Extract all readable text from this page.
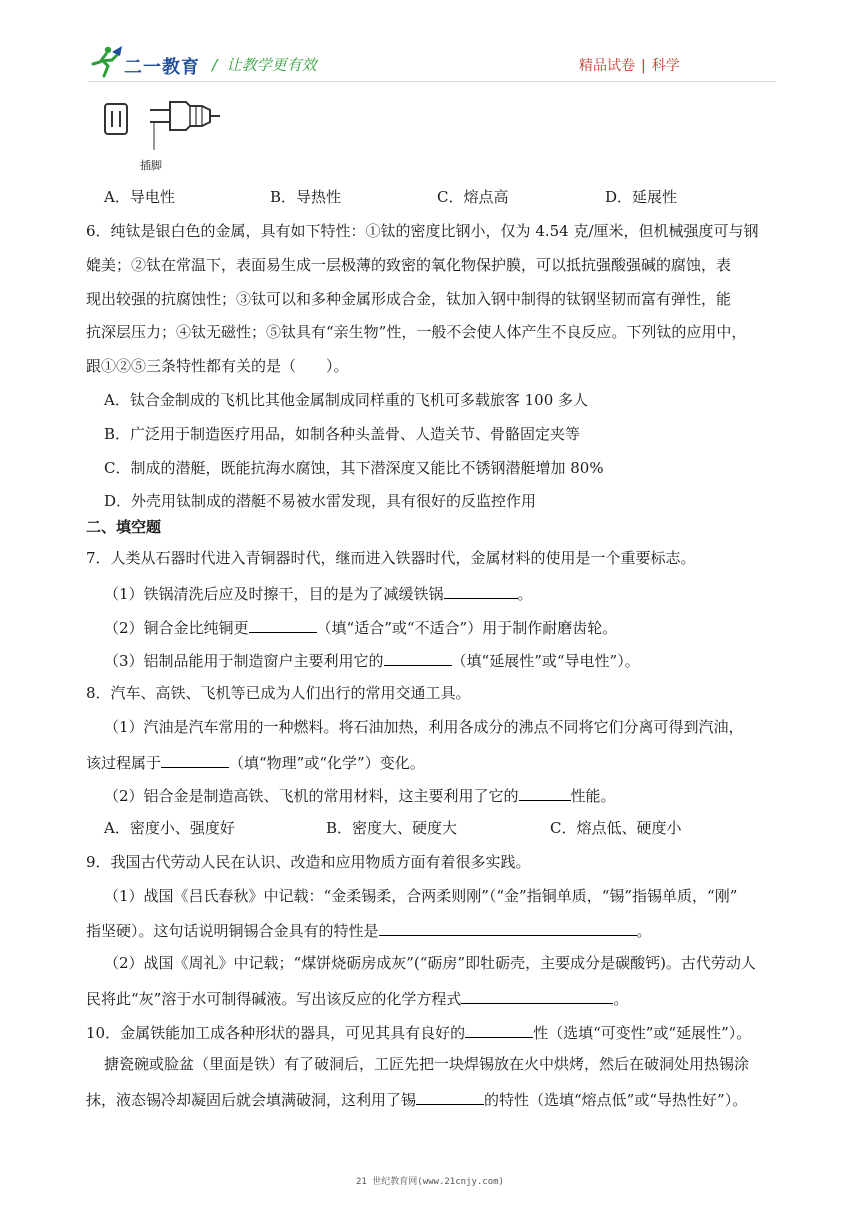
二一教育 /  让教学更有效	精品试卷 | 科学
插脚
A．导电性	B．导热性	C．熔点高	D．延展性
6．纯钛是银白色的金属，具有如下特性：①钛的密度比钢小，仅为 4.54 克/厘米，但机械强度可与钢
媲美；②钛在常温下，表面易生成一层极薄的致密的氧化物保护膜，可以抵抗强酸强碱的腐蚀，表
现出较强的抗腐蚀性；③钛可以和多种金属形成合金，钛加入钢中制得的钛钢坚韧而富有弹性，能
抗深层压力；④钛无磁性；⑤钛具有“亲生物”性，一般不会使人体产生不良反应。下列钛的应用中，
跟①②⑤三条特性都有关的是（　　）。
A．钛合金制成的飞机比其他金属制成同样重的飞机可多载旅客 100 多人
B．广泛用于制造医疗用品，如制各种头盖骨、人造关节、骨骼固定夹等
C．制成的潜艇，既能抗海水腐蚀，其下潜深度又能比不锈钢潜艇增加 80%
D．外壳用钛制成的潜艇不易被水雷发现，具有很好的反监控作用
二、填空题
7．人类从石器时代进入青铜器时代，继而进入铁器时代，金属材料的使用是一个重要标志。
（1）铁锅清洗后应及时擦干，目的是为了减缓铁锅	。
（2）铜合金比纯铜更	（填“适合”或“不适合”）用于制作耐磨齿轮。
（3）铝制品能用于制造窗户主要利用它的	（填“延展性”或“导电性”）。
8．汽车、高铁、飞机等已成为人们出行的常用交通工具。
（1）汽油是汽车常用的一种燃料。将石油加热，利用各成分的沸点不同将它们分离可得到汽油，
该过程属于	（填“物理”或“化学”）变化。
（2）铝合金是制造高铁、飞机的常用材料，这主要利用了它的	性能。
A．密度小、强度好	B．密度大、硬度大	C．熔点低、硬度小
9．我国古代劳动人民在认识、改造和应用物质方面有着很多实践。
（1）战国《吕氏春秋》中记载：“金柔锡柔，合两柔则刚”（“金”指铜单质，“锡”指锡单质，“刚”
指坚硬）。这句话说明铜锡合金具有的特性是	。
（2）战国《周礼》中记载；“煤饼烧砺房成灰”(“砺房”即牡砺壳，主要成分是碳酸钙)。古代劳动人
民将此“灰”溶于水可制得碱液。写出该反应的化学方程式	。
10．金属铁能加工成各种形状的器具，可见其具有良好的	性（选填“可变性”或“延展性”）。
搪瓷碗或脸盆（里面是铁）有了破洞后，工匠先把一块焊锡放在火中烘烤，然后在破洞处用热锡涂
抹，液态锡冷却凝固后就会填满破洞，这利用了锡	的特性（选填“熔点低”或“导热性好”）。
21 世纪教育网(www.21cnjy.com)
